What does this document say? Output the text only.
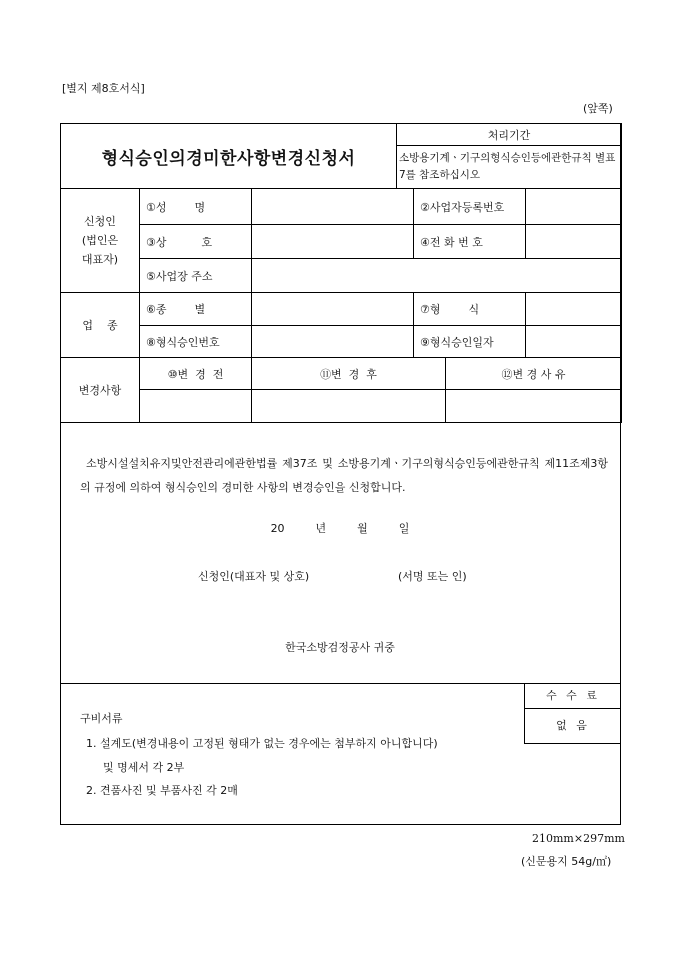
[별지 제8호서식]
(앞쪽)
형식승인의경미한사항변경신청서	처리기간
소방용기계ㆍ기구의형식승인등에관한규칙 별표 7를 참조하십시오
신청인
(법인은
대표자)	①성        명		②사업자등록번호	
	③상          호		④전 화 번 호	
	⑤사업장 주소			
업    종	⑥종        별		⑦형        식	
	⑧형식승인번호		⑨형식승인일자	
변경사항	⑩변  경  전	⑪변  경  후	⑫변 경 사 유

소방시설설치유지및안전관리에관한법률 제37조 및 소방용기계ㆍ기구의형식승인등에관한규칙 제11조제3항의 규정에 의하여 형식승인의 경미한 사항의 변경승인을 신청합니다.
20  년  월  일
신청인(대표자 및 상호)	(서명 또는 인)
한국소방검정공사 귀중
수 수 료
없 음
구비서류
1. 설계도(변경내용이 고정된 형태가 없는 경우에는 첨부하지 아니합니다)
및 명세서 각 2부
2. 견품사진 및 부품사진 각 2매
210mm×297mm
(신문용지 54g/㎡)
